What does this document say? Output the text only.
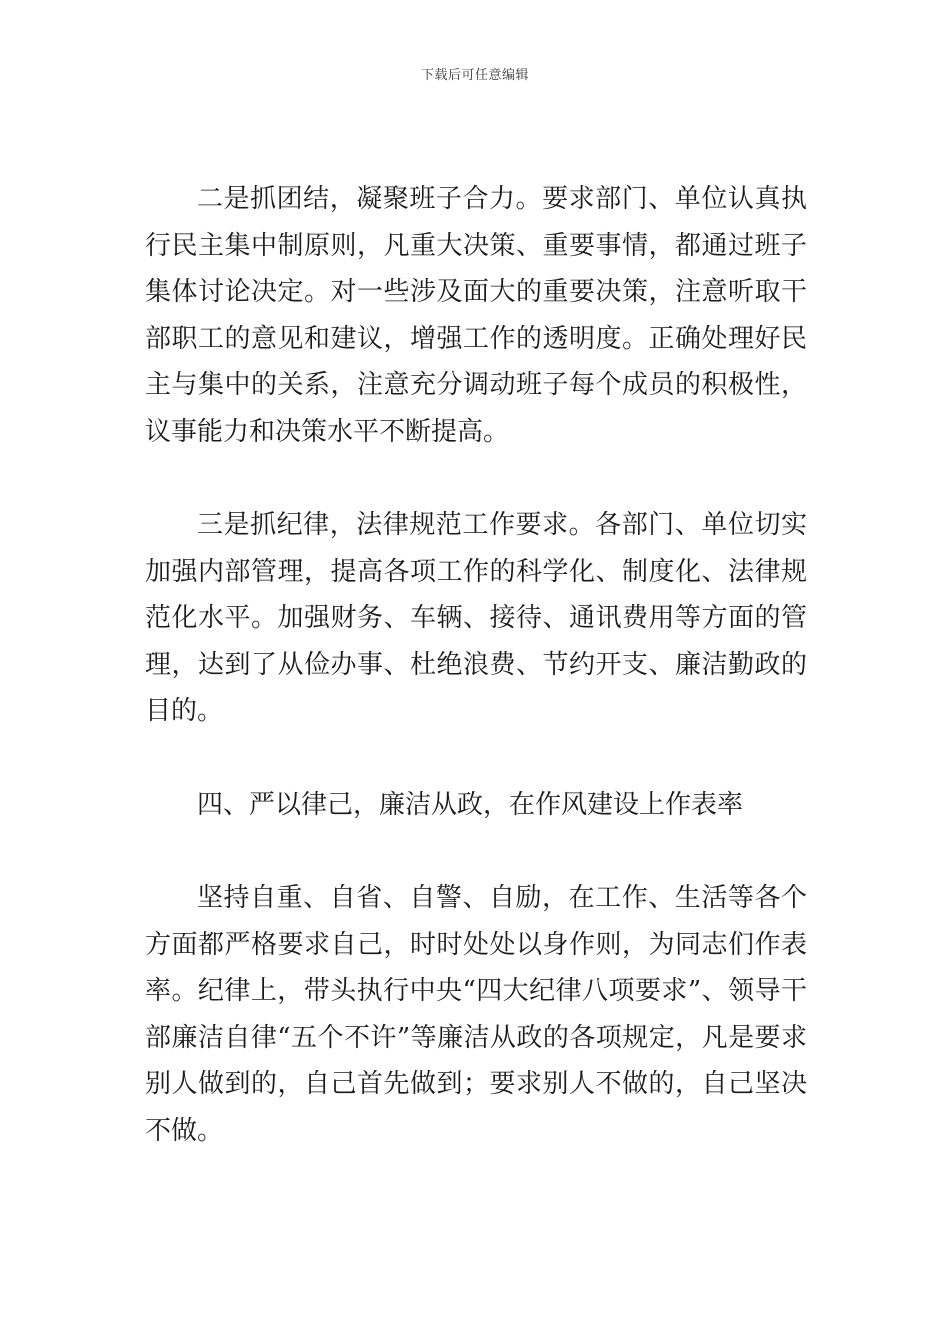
下载后可任意编辑

二是抓团结，凝聚班子合力。要求部门、单位认真执行民主集中制原则，凡重大决策、重要事情，都通过班子集体讨论决定。对一些涉及面大的重要决策，注意听取干部职工的意见和建议，增强工作的透明度。正确处理好民主与集中的关系，注意充分调动班子每个成员的积极性，议事能力和决策水平不断提高。

三是抓纪律，法律规范工作要求。各部门、单位切实加强内部管理，提高各项工作的科学化、制度化、法律规范化水平。加强财务、车辆、接待、通讯费用等方面的管理，达到了从俭办事、杜绝浪费、节约开支、廉洁勤政的目的。

四、严以律己，廉洁从政，在作风建设上作表率

坚持自重、自省、自警、自励，在工作、生活等各个方面都严格要求自己，时时处处以身作则，为同志们作表率。纪律上，带头执行中央“四大纪律八项要求”、领导干部廉洁自律“五个不许”等廉洁从政的各项规定，凡是要求别人做到的，自己首先做到；要求别人不做的，自己坚决不做。
